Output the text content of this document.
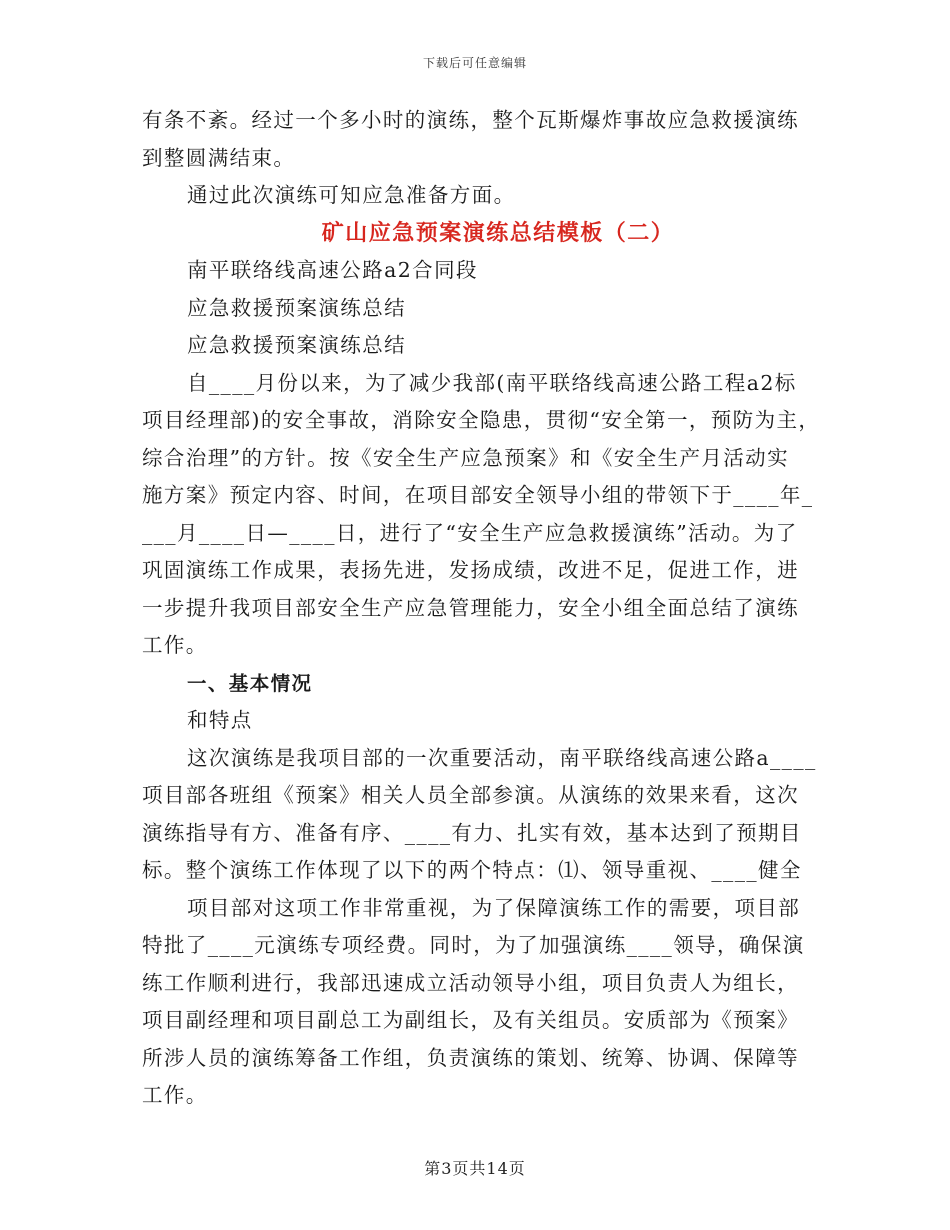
下载后可任意编辑
有条不紊。经过一个多小时的演练，整个瓦斯爆炸事故应急救援演练
到整圆满结束。
通过此次演练可知应急准备方面。
矿山应急预案演练总结模板（二）
南平联络线高速公路a2合同段
应急救援预案演练总结
应急救援预案演练总结
自____月份以来，为了减少我部(南平联络线高速公路工程a2标
项目经理部)的安全事故，消除安全隐患，贯彻“安全第一，预防为主，
综合治理”的方针。按《安全生产应急预案》和《安全生产月活动实
施方案》预定内容、时间，在项目部安全领导小组的带领下于____年_
___月____日—____日，进行了“安全生产应急救援演练”活动。为了
巩固演练工作成果，表扬先进，发扬成绩，改进不足，促进工作，进
一步提升我项目部安全生产应急管理能力，安全小组全面总结了演练
工作。
一、基本情况
和特点
这次演练是我项目部的一次重要活动，南平联络线高速公路a____
项目部各班组《预案》相关人员全部参演。从演练的效果来看，这次
演练指导有方、准备有序、____有力、扎实有效，基本达到了预期目
标。整个演练工作体现了以下的两个特点：⑴、领导重视、____健全
项目部对这项工作非常重视，为了保障演练工作的需要，项目部
特批了____元演练专项经费。同时，为了加强演练____领导，确保演
练工作顺利进行，我部迅速成立活动领导小组，项目负责人为组长，
项目副经理和项目副总工为副组长，及有关组员。安质部为《预案》
所涉人员的演练筹备工作组，负责演练的策划、统筹、协调、保障等
工作。
第3页共14页
